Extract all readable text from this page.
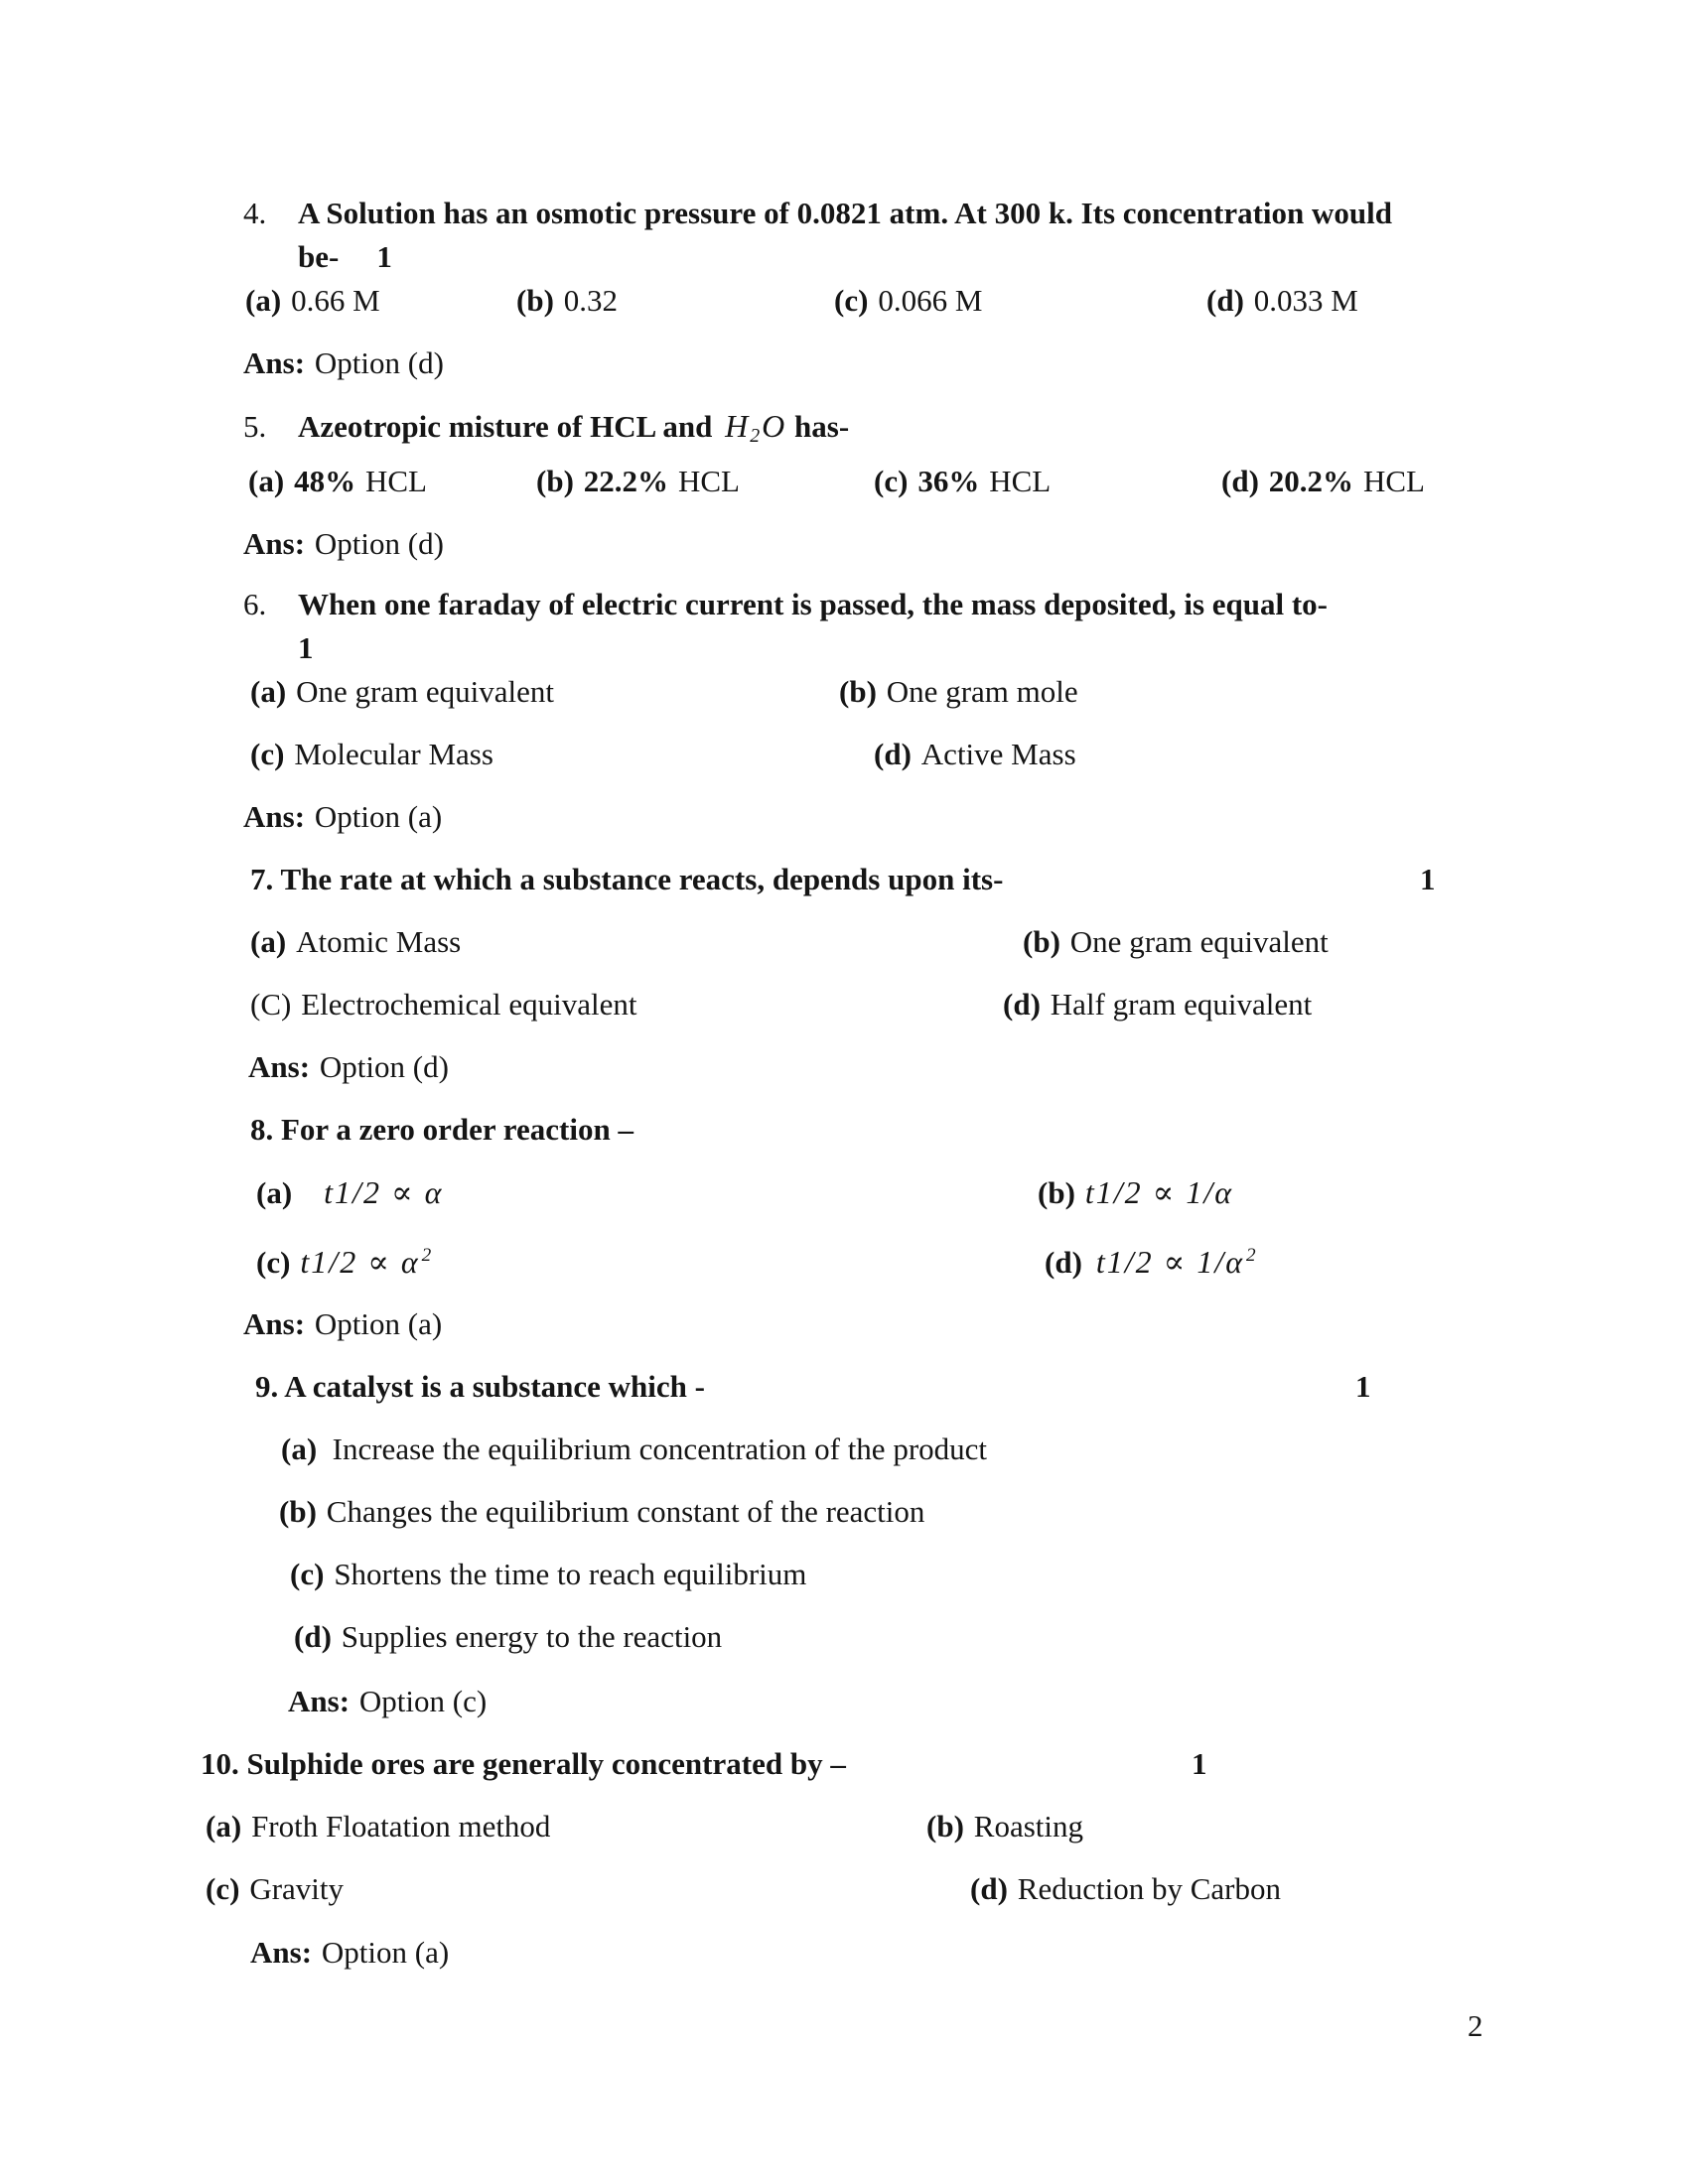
4. A Solution has an osmotic pressure of 0.0821 atm. At 300 k. Its concentration would
be- 1
(a) 0.66 M	(b) 0.32	(c) 0.066 M	(d) 0.033 M
Ans: Option (d)
5. Azeotropic misture of HCL and $H_2O$ has-
(a) 48% HCL	(b) 22.2% HCL	(c) 36% HCL	(d) 20.2% HCL
Ans: Option (d)
6. When one faraday of electric current is passed, the mass deposited, is equal to-
1
(a) One gram equivalent	(b) One gram mole
(c) Molecular Mass	(d) Active Mass
Ans: Option (a)
7. The rate at which a substance reacts, depends upon its-	1
(a) Atomic Mass	(b) One gram equivalent
(C) Electrochemical equivalent	(d) Half gram equivalent
Ans: Option (d)
8. For a zero order reaction –
(a) t1/2 ∝ α	(b) t1/2 ∝ 1/α
(c) t1/2 ∝ α $^2$	(d) t1/2 ∝ 1/α $^2$
Ans: Option (a)
9. A catalyst is a substance which -	1
(a) Increase the equilibrium concentration of the product
(b) Changes the equilibrium constant of the reaction
(c) Shortens the time to reach equilibrium
(d) Supplies energy to the reaction
Ans: Option (c)
10. Sulphide ores are generally concentrated by –	1
(a) Froth Floatation method	(b) Roasting
(c) Gravity	(d) Reduction by Carbon
Ans: Option (a)
2
